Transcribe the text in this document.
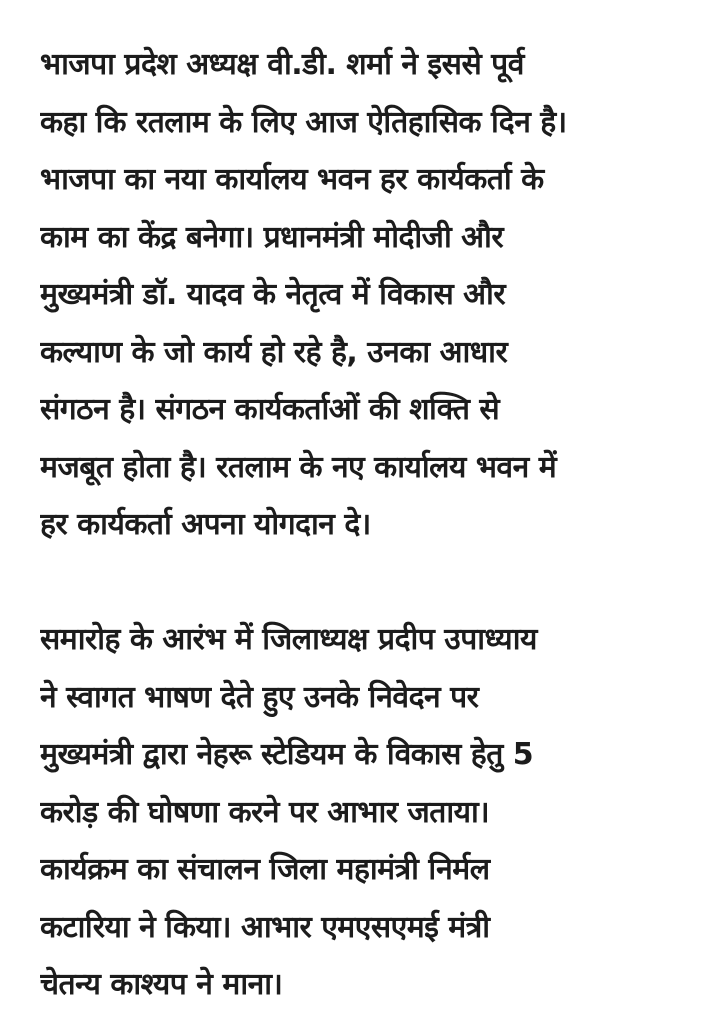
भाजपा प्रदेश अध्यक्ष वी.डी. शर्मा ने इससे पूर्व
कहा कि रतलाम के लिए आज ऐतिहासिक दिन है।
भाजपा का नया कार्यालय भवन हर कार्यकर्ता के
काम का केंद्र बनेगा। प्रधानमंत्री मोदीजी और
मुख्यमंत्री डॉ. यादव के नेतृत्व में विकास और
कल्याण के जो कार्य हो रहे है, उनका आधार
संगठन है। संगठन कार्यकर्ताओं की शक्ति से
मजबूत होता है। रतलाम के नए कार्यालय भवन में
हर कार्यकर्ता अपना योगदान दे।

समारोह के आरंभ में जिलाध्यक्ष प्रदीप उपाध्याय
ने स्वागत भाषण देते हुए उनके निवेदन पर
मुख्यमंत्री द्वारा नेहरू स्टेडियम के विकास हेतु 5
करोड़ की घोषणा करने पर आभार जताया।
कार्यक्रम का संचालन जिला महामंत्री निर्मल
कटारिया ने किया। आभार एमएसएमई मंत्री
चेतन्य काश्यप ने माना।
